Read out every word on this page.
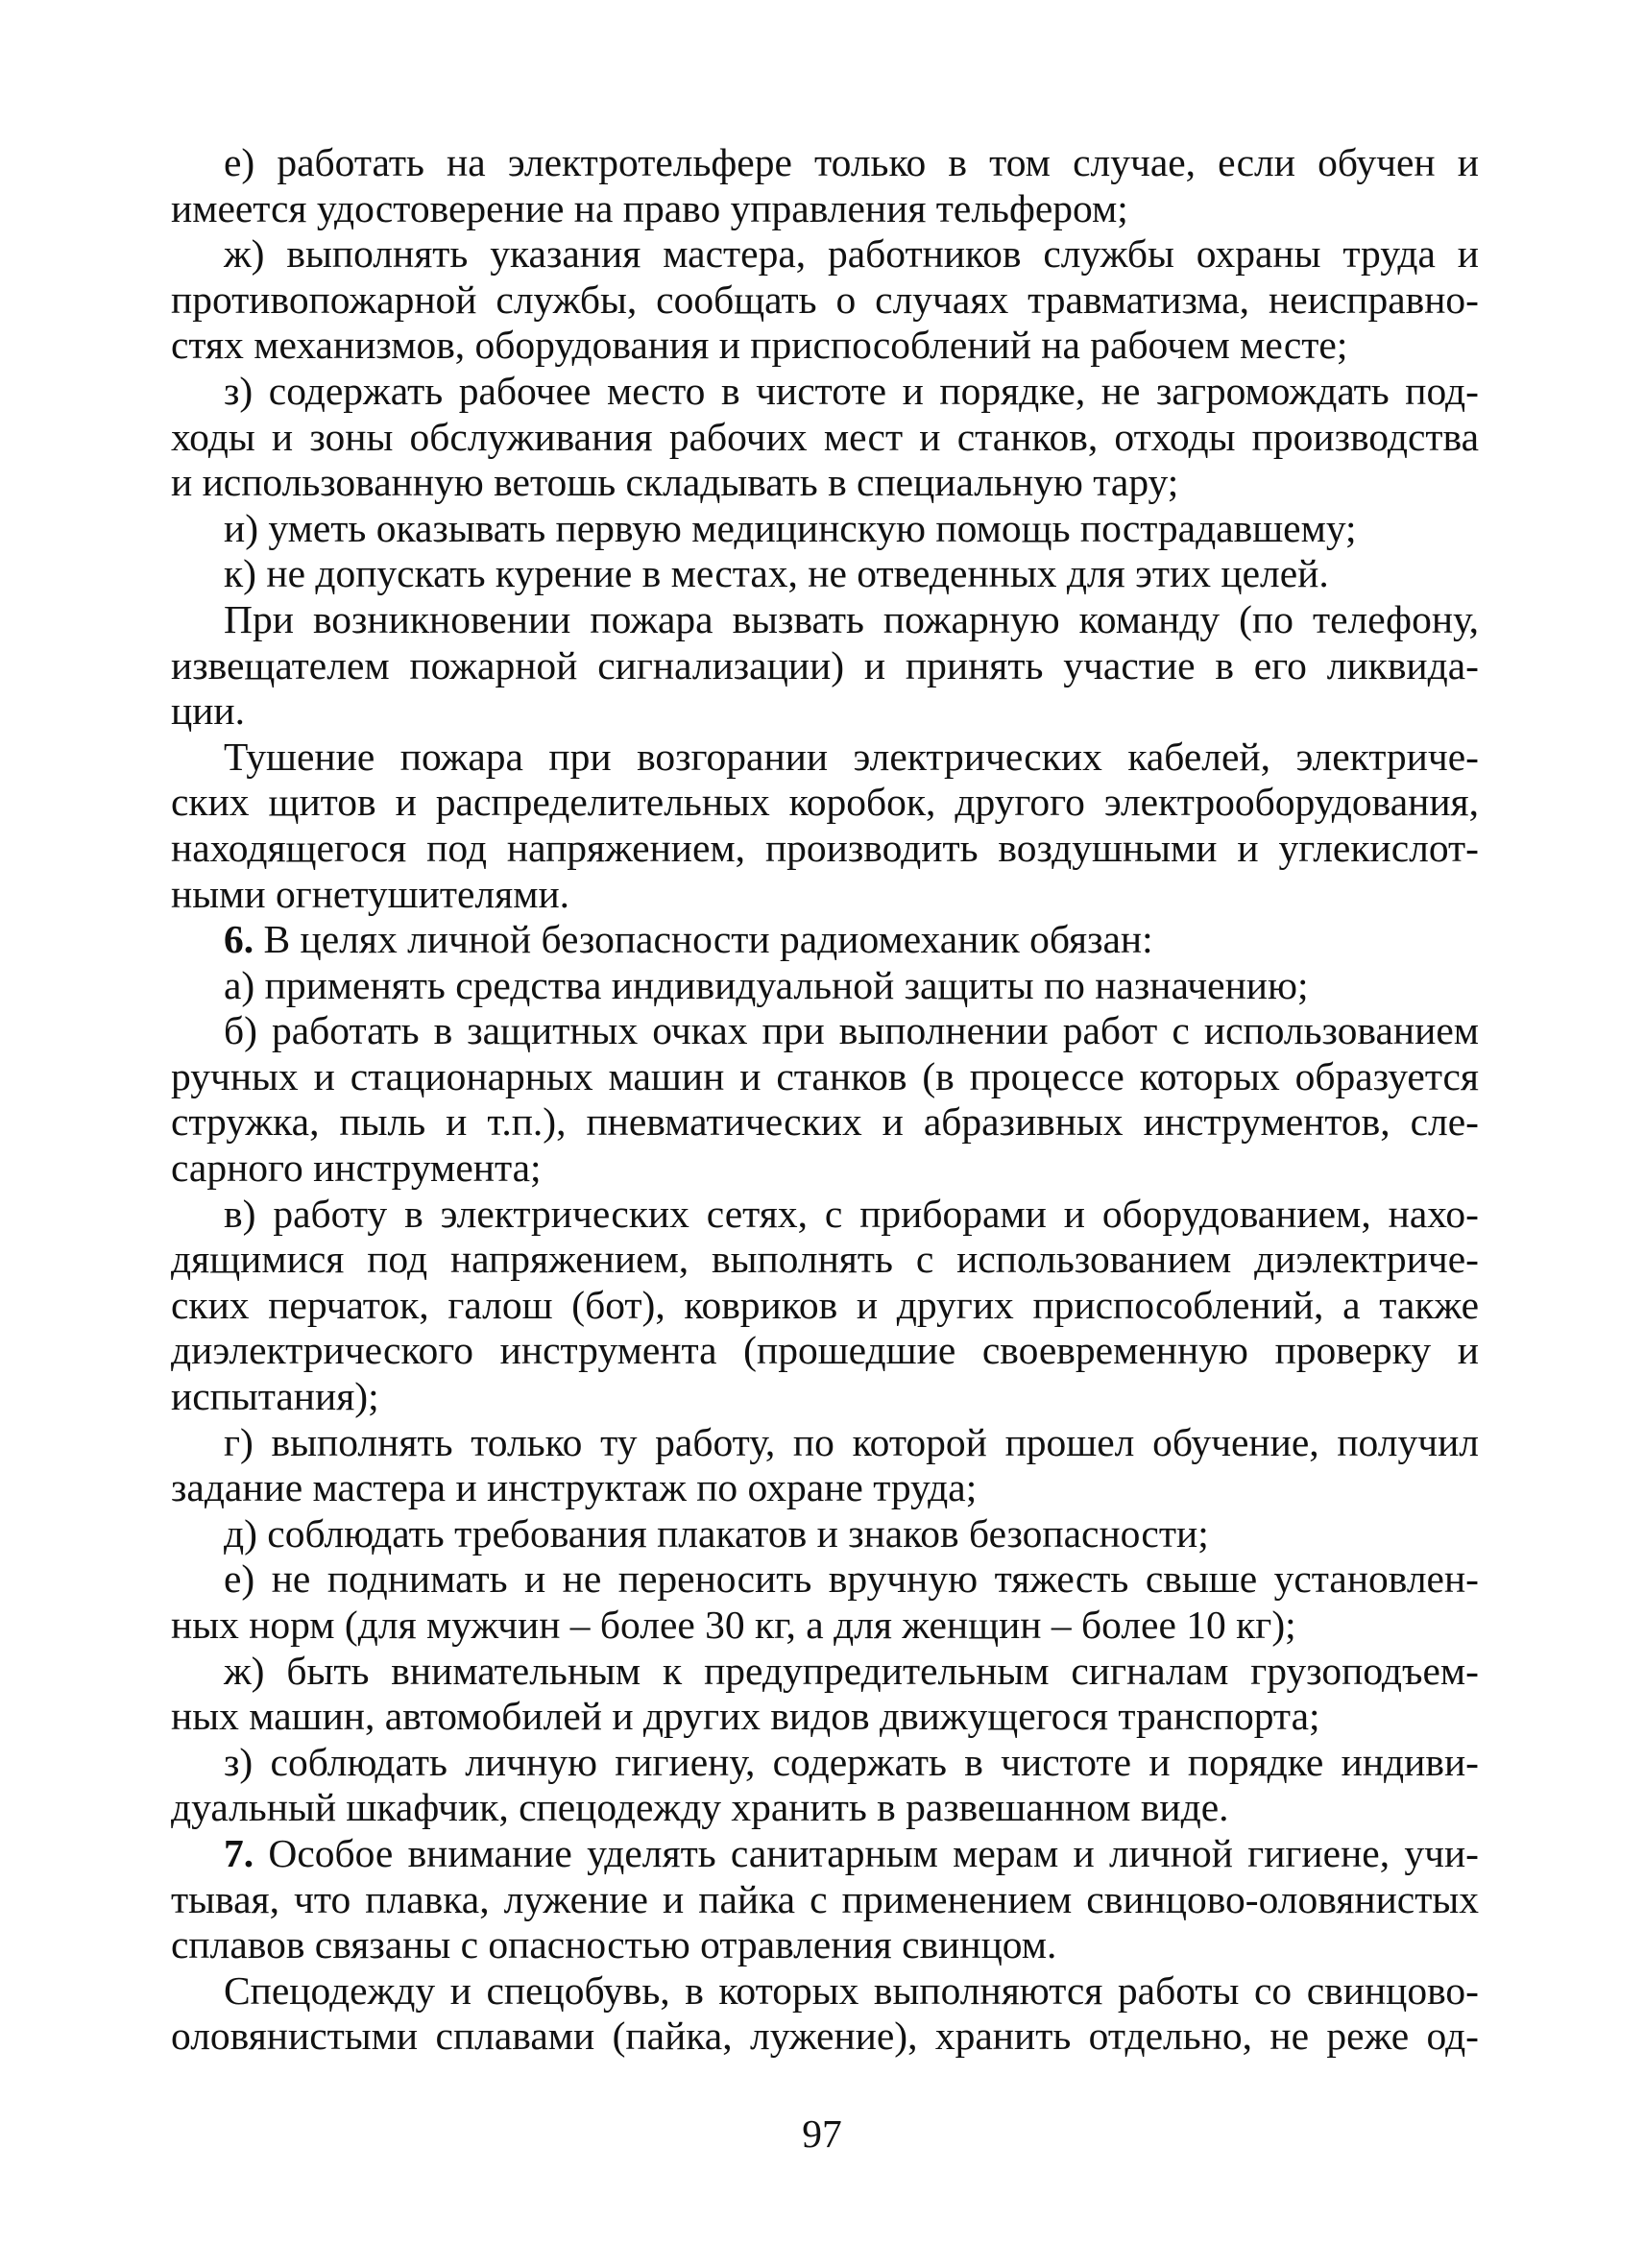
е) работать на электротельфере только в том случае, если обучен и
имеется удостоверение на право управления тельфером;
ж) выполнять указания мастера, работников службы охраны труда и
противопожарной службы, сообщать о случаях травматизма, неисправно-
стях механизмов, оборудования и приспособлений на рабочем месте;
з) содержать рабочее место в чистоте и порядке, не загромождать под-
ходы и зоны обслуживания рабочих мест и станков, отходы производства
и использованную ветошь складывать в специальную тару;
и) уметь оказывать первую медицинскую помощь пострадавшему;
к) не допускать курение в местах, не отведенных для этих целей.
При возникновении пожара вызвать пожарную команду (по телефону,
извещателем пожарной сигнализации) и принять участие в его ликвида-
ции.
Тушение пожара при возгорании электрических кабелей, электриче-
ских щитов и распределительных коробок, другого электрооборудования,
находящегося под напряжением, производить воздушными и углекислот-
ными огнетушителями.
6. В целях личной безопасности радиомеханик обязан:
а) применять средства индивидуальной защиты по назначению;
б) работать в защитных очках при выполнении работ с использованием
ручных и стационарных машин и станков (в процессе которых образуется
стружка, пыль и т.п.), пневматических и абразивных инструментов, сле-
сарного инструмента;
в) работу в электрических сетях, с приборами и оборудованием, нахо-
дящимися под напряжением, выполнять с использованием диэлектриче-
ских перчаток, галош (бот), ковриков и других приспособлений, а также
диэлектрического инструмента (прошедшие своевременную проверку и
испытания);
г) выполнять только ту работу, по которой прошел обучение, получил
задание мастера и инструктаж по охране труда;
д) соблюдать требования плакатов и знаков безопасности;
е) не поднимать и не переносить вручную тяжесть свыше установлен-
ных норм (для мужчин – более 30 кг, а для женщин – более 10 кг);
ж) быть внимательным к предупредительным сигналам грузоподъем-
ных машин, автомобилей и других видов движущегося транспорта;
з) соблюдать личную гигиену, содержать в чистоте и порядке индиви-
дуальный шкафчик, спецодежду хранить в развешанном виде.
7. Особое внимание уделять санитарным мерам и личной гигиене, учи-
тывая, что плавка, лужение и пайка с применением свинцово-оловянистых
сплавов связаны с опасностью отравления свинцом.
Спецодежду и спецобувь, в которых выполняются работы со свинцово-
оловянистыми сплавами (пайка, лужение), хранить отдельно, не реже од-
97
